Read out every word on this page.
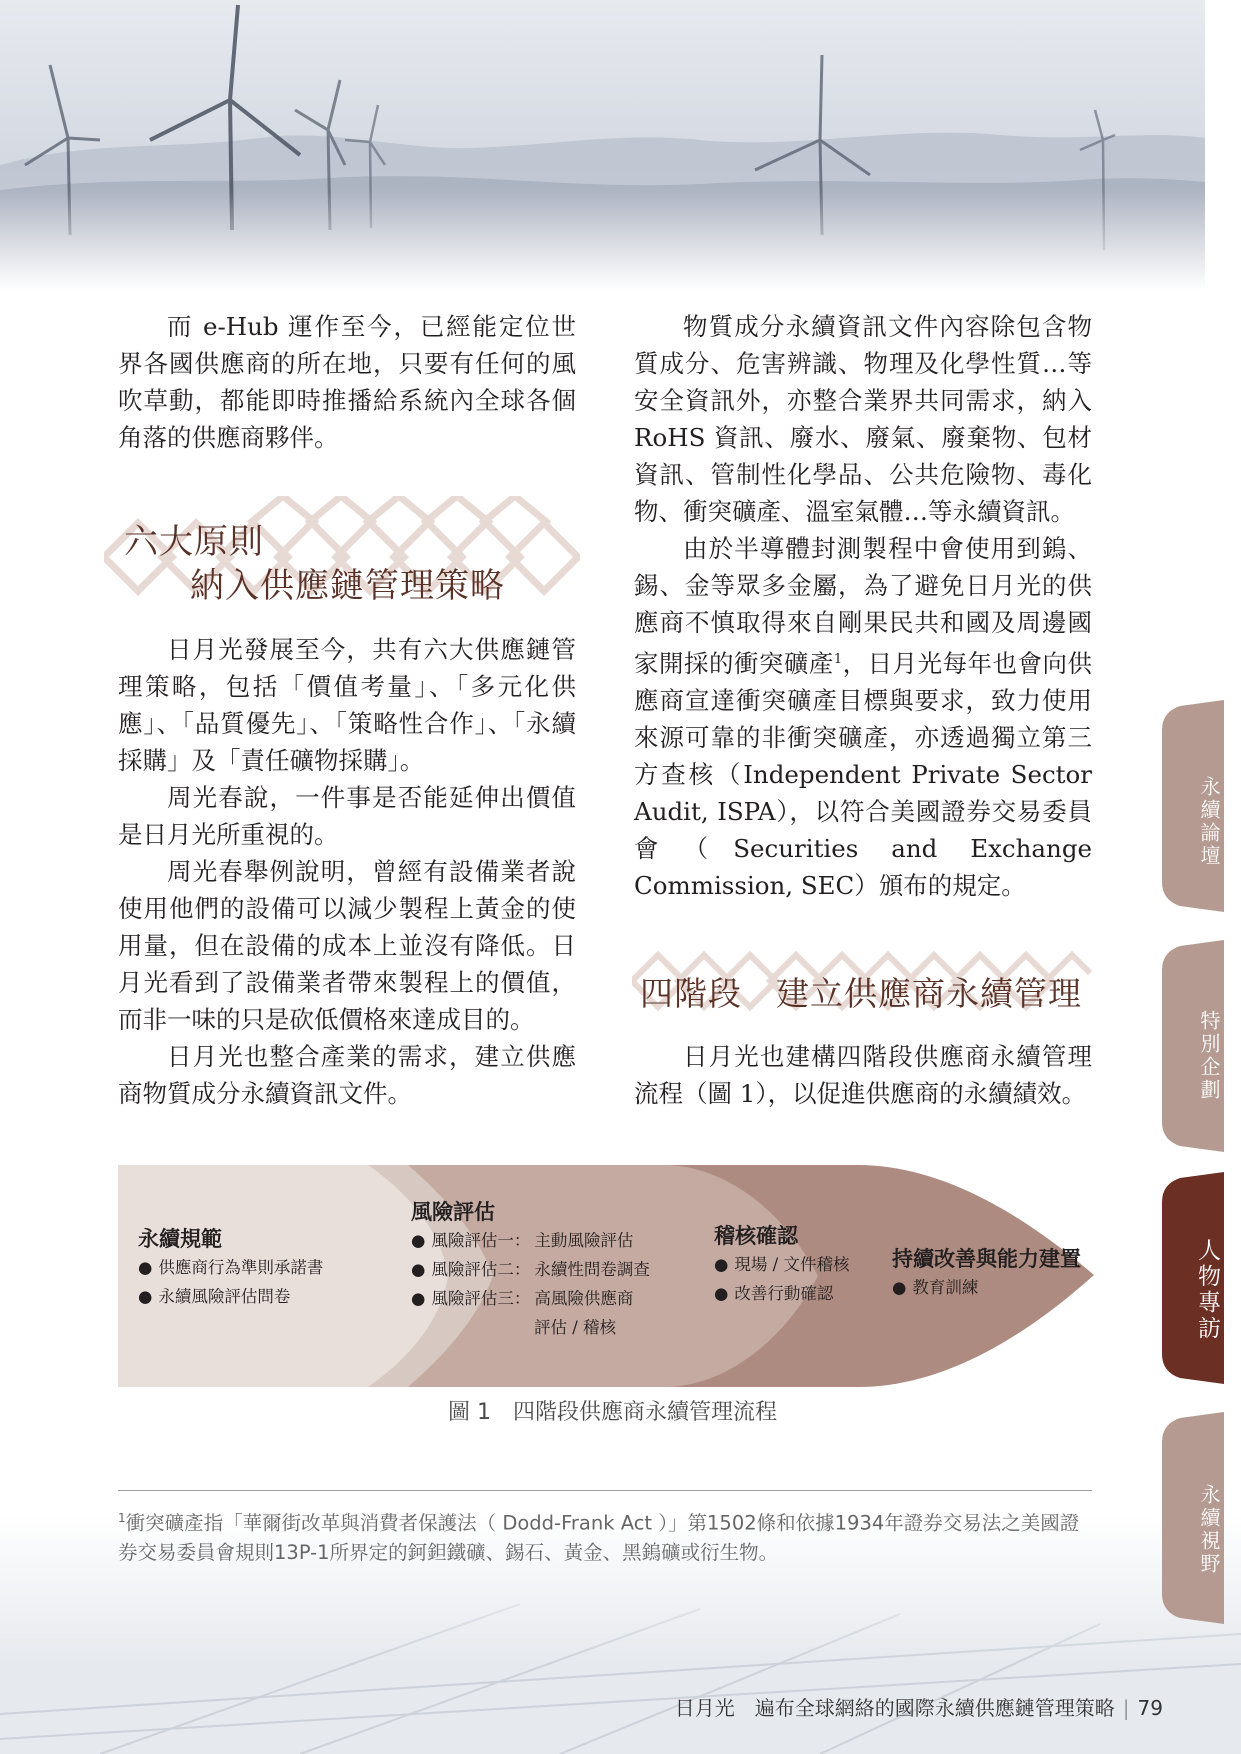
而 e-Hub 運作至今，已經能定位世界各國供應商的所在地，只要有任何的風吹草動，都能即時推播給系統內全球各個角落的供應商夥伴。

六大原則
納入供應鏈管理策略

日月光發展至今，共有六大供應鏈管理策略，包括「價值考量」、「多元化供應」、「品質優先」、「策略性合作」、「永續採購」及「責任礦物採購」。

周光春說，一件事是否能延伸出價值是日月光所重視的。

周光春舉例說明，曾經有設備業者說使用他們的設備可以減少製程上黃金的使用量，但在設備的成本上並沒有降低。日月光看到了設備業者帶來製程上的價值，而非一味的只是砍低價格來達成目的。

日月光也整合產業的需求，建立供應商物質成分永續資訊文件。

物質成分永續資訊文件內容除包含物質成分、危害辨識、物理及化學性質…等安全資訊外，亦整合業界共同需求，納入 RoHS 資訊、廢水、廢氣、廢棄物、包材資訊、管制性化學品、公共危險物、毒化物、衝突礦產、溫室氣體…等永續資訊。

由於半導體封測製程中會使用到鎢、錫、金等眾多金屬，為了避免日月光的供應商不慎取得來自剛果民共和國及周邊國家開採的衝突礦產$^1$，日月光每年也會向供應商宣達衝突礦產目標與要求，致力使用來源可靠的非衝突礦產，亦透過獨立第三方查核（Independent Private Sector Audit, ISPA），以符合美國證券交易委員會（Securities and Exchange Commission, SEC）頒布的規定。

四階段　建立供應商永續管理

日月光也建構四階段供應商永續管理流程（圖 1），以促進供應商的永續績效。

永續規範
● 供應商行為準則承諾書
● 永續風險評估問卷
風險評估
● 風險評估一： 主動風險評估
● 風險評估二： 永續性問卷調查
● 風險評估三： 高風險供應商
評估 / 稽核
稽核確認
● 現場 / 文件稽核
● 改善行動確認
持續改善與能力建置
● 教育訓練
圖 1　四階段供應商永續管理流程
$^1$衝突礦產指「華爾街改革與消費者保護法（ Dodd-Frank Act ）」第1502條和依據1934年證券交易法之美國證券交易委員會規則13P-1所界定的鈳鉭鐵礦、錫石、黃金、黑鎢礦或衍生物。
永續論壇
特別企劃
人物專訪
永續視野
日月光　遍布全球網絡的國際永續供應鏈管理策略 | 79
